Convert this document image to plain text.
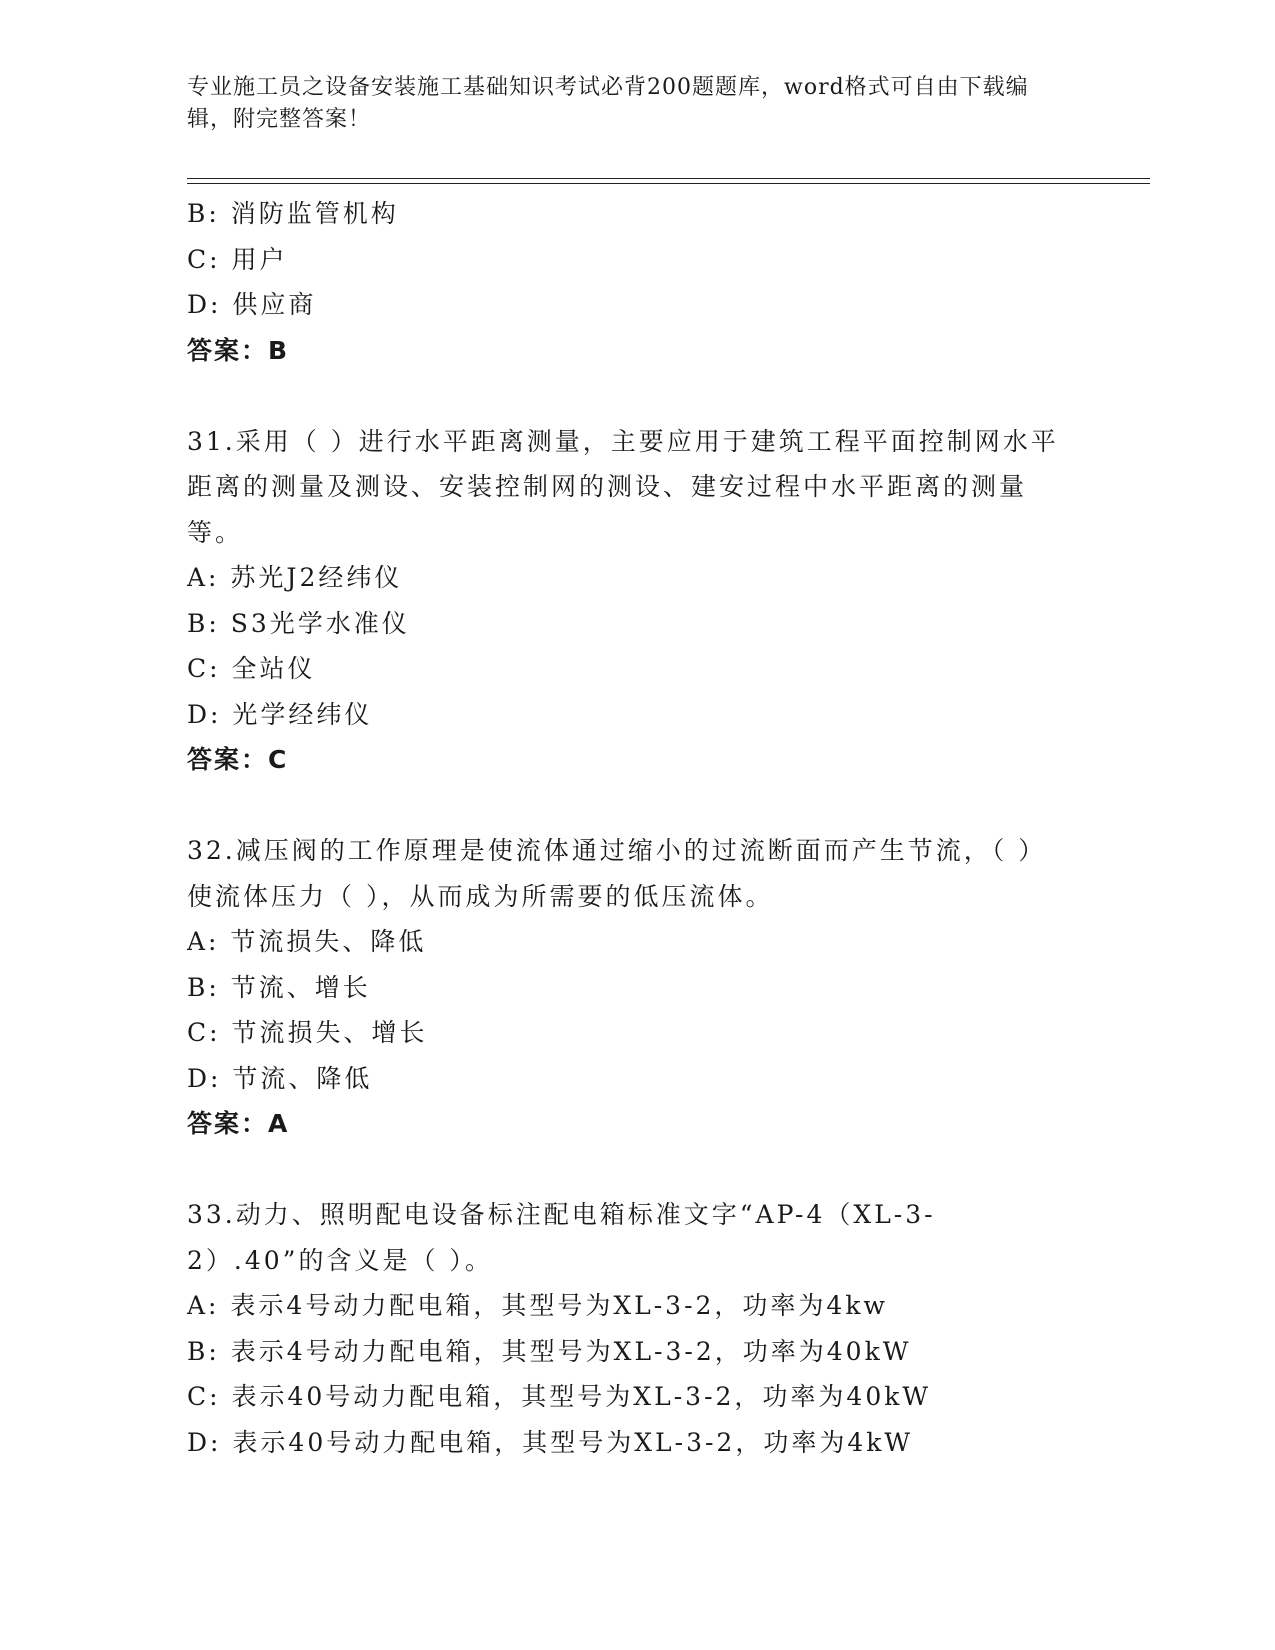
专业施工员之设备安装施工基础知识考试必背200题题库，word格式可自由下载编辑，附完整答案！
B: 消防监管机构
C: 用户
D: 供应商
答案：B
31.采用（ ）进行水平距离测量，主要应用于建筑工程平面控制网水平距离的测量及测设、安装控制网的测设、建安过程中水平距离的测量等。
A: 苏光J2经纬仪
B: S3光学水准仪
C: 全站仪
D: 光学经纬仪
答案：C
32.减压阀的工作原理是使流体通过缩小的过流断面而产生节流，（ ）使流体压力（ ），从而成为所需要的低压流体。
A: 节流损失、降低
B: 节流、增长
C: 节流损失、增长
D: 节流、降低
答案：A
33.动力、照明配电设备标注配电箱标准文字“AP-4（XL-3-2）.40”的含义是（ ）。
A: 表示4号动力配电箱，其型号为XL-3-2，功率为4kw
B: 表示4号动力配电箱，其型号为XL-3-2，功率为40kW
C: 表示40号动力配电箱，其型号为XL-3-2，功率为40kW
D: 表示40号动力配电箱，其型号为XL-3-2，功率为4kW
